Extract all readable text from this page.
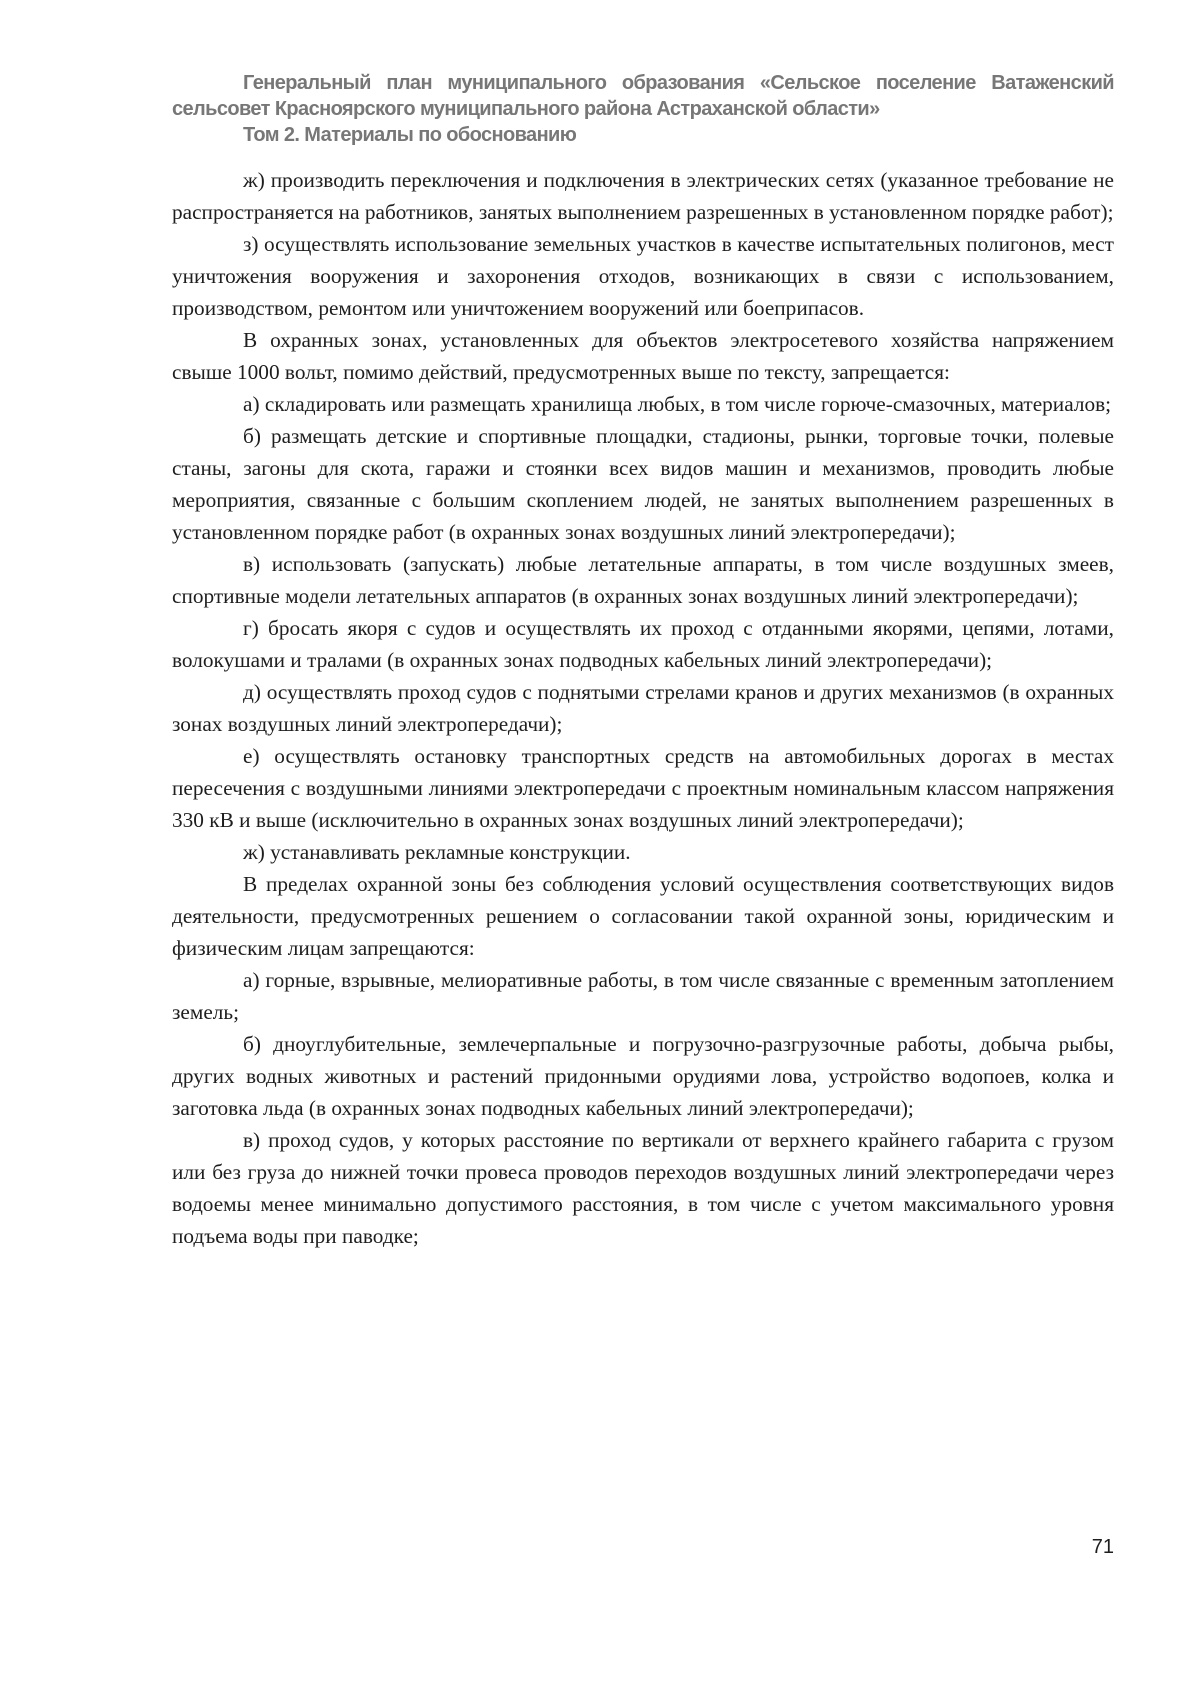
Генеральный план муниципального образования «Сельское поселение Ватаженский
сельсовет Красноярского муниципального района Астраханской области»
Том 2. Материалы по обоснованию

ж) производить переключения и подключения в электрических сетях (указанное требование не распространяется на работников, занятых выполнением разрешенных в установленном порядке работ);

з) осуществлять использование земельных участков в качестве испытательных полигонов, мест уничтожения вооружения и захоронения отходов, возникающих в связи с использованием, производством, ремонтом или уничтожением вооружений или боеприпасов.

В охранных зонах, установленных для объектов электросетевого хозяйства напряжением свыше 1000 вольт, помимо действий, предусмотренных выше по тексту, запрещается:

а) складировать или размещать хранилища любых, в том числе горюче-смазочных, материалов;

б) размещать детские и спортивные площадки, стадионы, рынки, торговые точки, полевые станы, загоны для скота, гаражи и стоянки всех видов машин и механизмов, проводить любые мероприятия, связанные с большим скоплением людей, не занятых выполнением разрешенных в установленном порядке работ (в охранных зонах воздушных линий электропередачи);

в) использовать (запускать) любые летательные аппараты, в том числе воздушных змеев, спортивные модели летательных аппаратов (в охранных зонах воздушных линий электропередачи);

г) бросать якоря с судов и осуществлять их проход с отданными якорями, цепями, лотами, волокушами и тралами (в охранных зонах подводных кабельных линий электропередачи);

д) осуществлять проход судов с поднятыми стрелами кранов и других механизмов (в охранных зонах воздушных линий электропередачи);

е) осуществлять остановку транспортных средств на автомобильных дорогах в местах пересечения с воздушными линиями электропередачи с проектным номинальным классом напряжения 330 кВ и выше (исключительно в охранных зонах воздушных линий электропередачи);

ж) устанавливать рекламные конструкции.

В пределах охранной зоны без соблюдения условий осуществления соответствующих видов деятельности, предусмотренных решением о согласовании такой охранной зоны, юридическим и физическим лицам запрещаются:

а) горные, взрывные, мелиоративные работы, в том числе связанные с временным затоплением земель;

б) дноуглубительные, землечерпальные и погрузочно-разгрузочные работы, добыча рыбы, других водных животных и растений придонными орудиями лова, устройство водопоев, колка и заготовка льда (в охранных зонах подводных кабельных линий электропередачи);

в) проход судов, у которых расстояние по вертикали от верхнего крайнего габарита с грузом или без груза до нижней точки провеса проводов переходов воздушных линий электропередачи через водоемы менее минимально допустимого расстояния, в том числе с учетом максимального уровня подъема воды при паводке;

71
